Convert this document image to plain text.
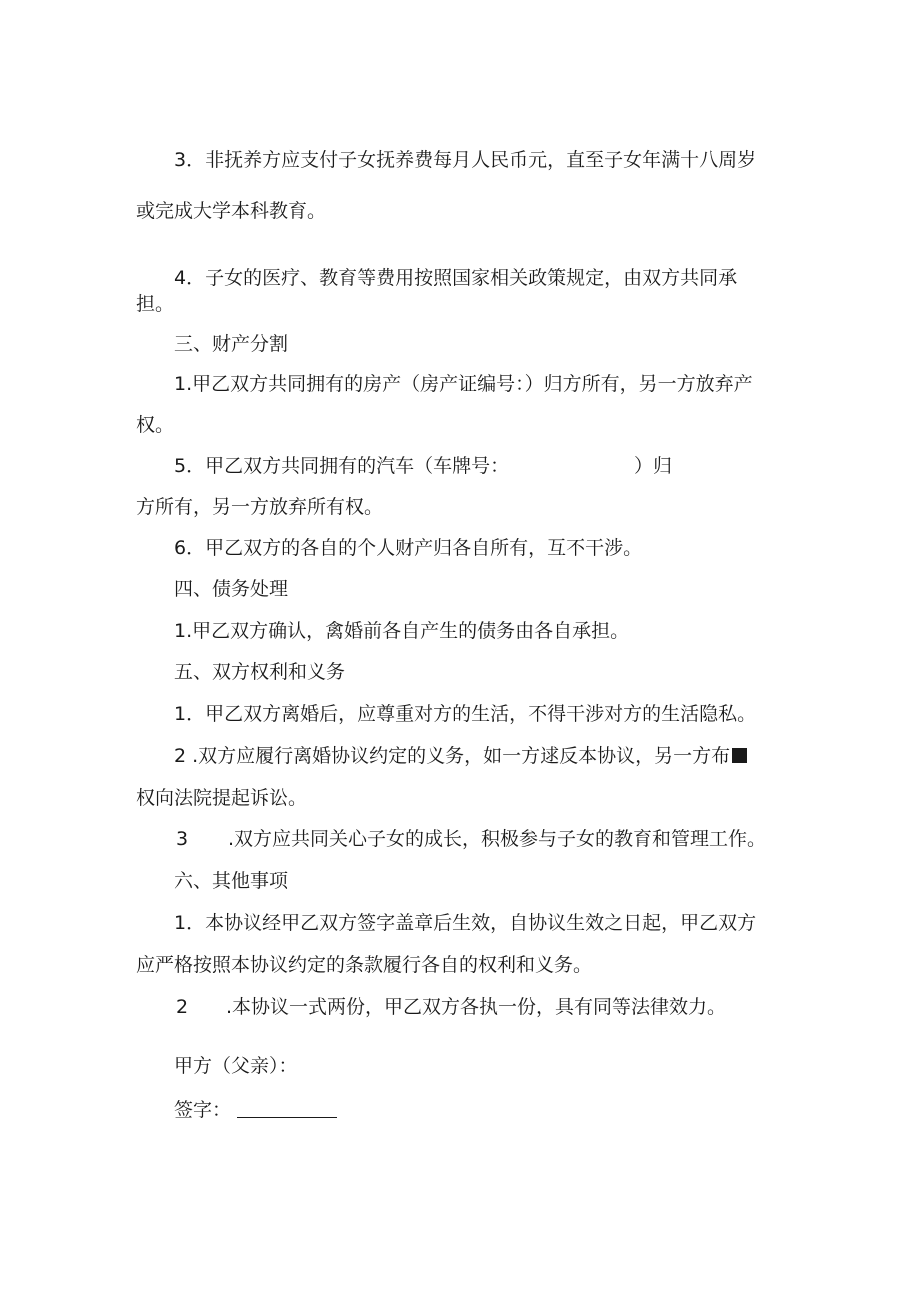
3．非抚养方应支付子女抚养费每月人民币元，直至子女年满十八周岁
或完成大学本科教育。
4．子女的医疗、教育等费用按照国家相关政策规定，由双方共同承
担。
三、财产分割
1.甲乙双方共同拥有的房产（房产证编号：）归方所有，另一方放弃产
权。
5．甲乙双方共同拥有的汽车（车牌号：	）归
方所有，另一方放弃所有权。
6．甲乙双方的各自的个人财产归各自所有，互不干涉。
四、债务处理
1.甲乙双方确认，禽婚前各自产生的债务由各自承担。
五、双方权利和义务
1．甲乙双方离婚后，应尊重对方的生活，不得干涉对方的生活隐私。
2 .双方应履行离婚协议约定的义务，如一方逑反本协议，另一方布
权向法院提起诉讼。
3 .双方应共同关心子女的成长，积极参与子女的教育和管理工作。
六、其他事项
1．本协议经甲乙双方签字盖章后生效，自协议生效之日起，甲乙双方
应严格按照本协议约定的条款履行各自的权利和义务。
2 .本协议一式两份，甲乙双方各执一份，具有同等法律效力。
甲方（父亲）：
签字：
